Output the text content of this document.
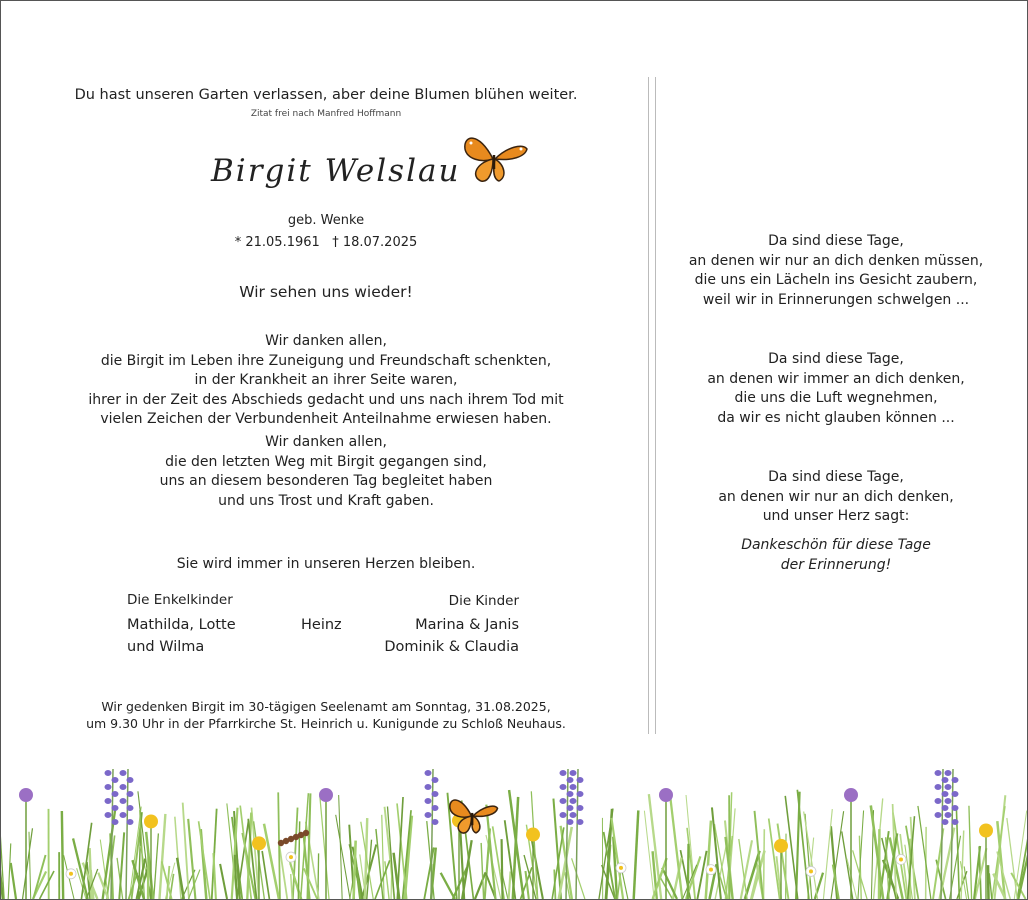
Du hast unseren Garten verlassen, aber deine Blumen blühen weiter.
Zitat frei nach Manfred Hoffmann
Birgit Welslau
geb. Wenke
* 21.05.1961   † 18.07.2025
Wir sehen uns wieder!
Wir danken allen,
die Birgit im Leben ihre Zuneigung und Freundschaft schenkten,
in der Krankheit an ihrer Seite waren,
ihrer in der Zeit des Abschieds gedacht und uns nach ihrem Tod mit
vielen Zeichen der Verbundenheit Anteilnahme erwiesen haben.
Wir danken allen,
die den letzten Weg mit Birgit gegangen sind,
uns an diesem besonderen Tag begleitet haben
und uns Trost und Kraft gaben.
Sie wird immer in unseren Herzen bleiben.
Die Enkelkinder
Mathilda, Lotte
und Wilma
Heinz
Die Kinder
Marina & Janis
Dominik & Claudia
Wir gedenken Birgit im 30-tägigen Seelenamt am Sonntag, 31.08.2025,
um 9.30 Uhr in der Pfarrkirche St. Heinrich u. Kunigunde zu Schloß Neuhaus.
Da sind diese Tage,
an denen wir nur an dich denken müssen,
die uns ein Lächeln ins Gesicht zaubern,
weil wir in Erinnerungen schwelgen ...
Da sind diese Tage,
an denen wir immer an dich denken,
die uns die Luft wegnehmen,
da wir es nicht glauben können ...
Da sind diese Tage,
an denen wir nur an dich denken,
und unser Herz sagt:
Dankeschön für diese Tage
der Erinnerung!
